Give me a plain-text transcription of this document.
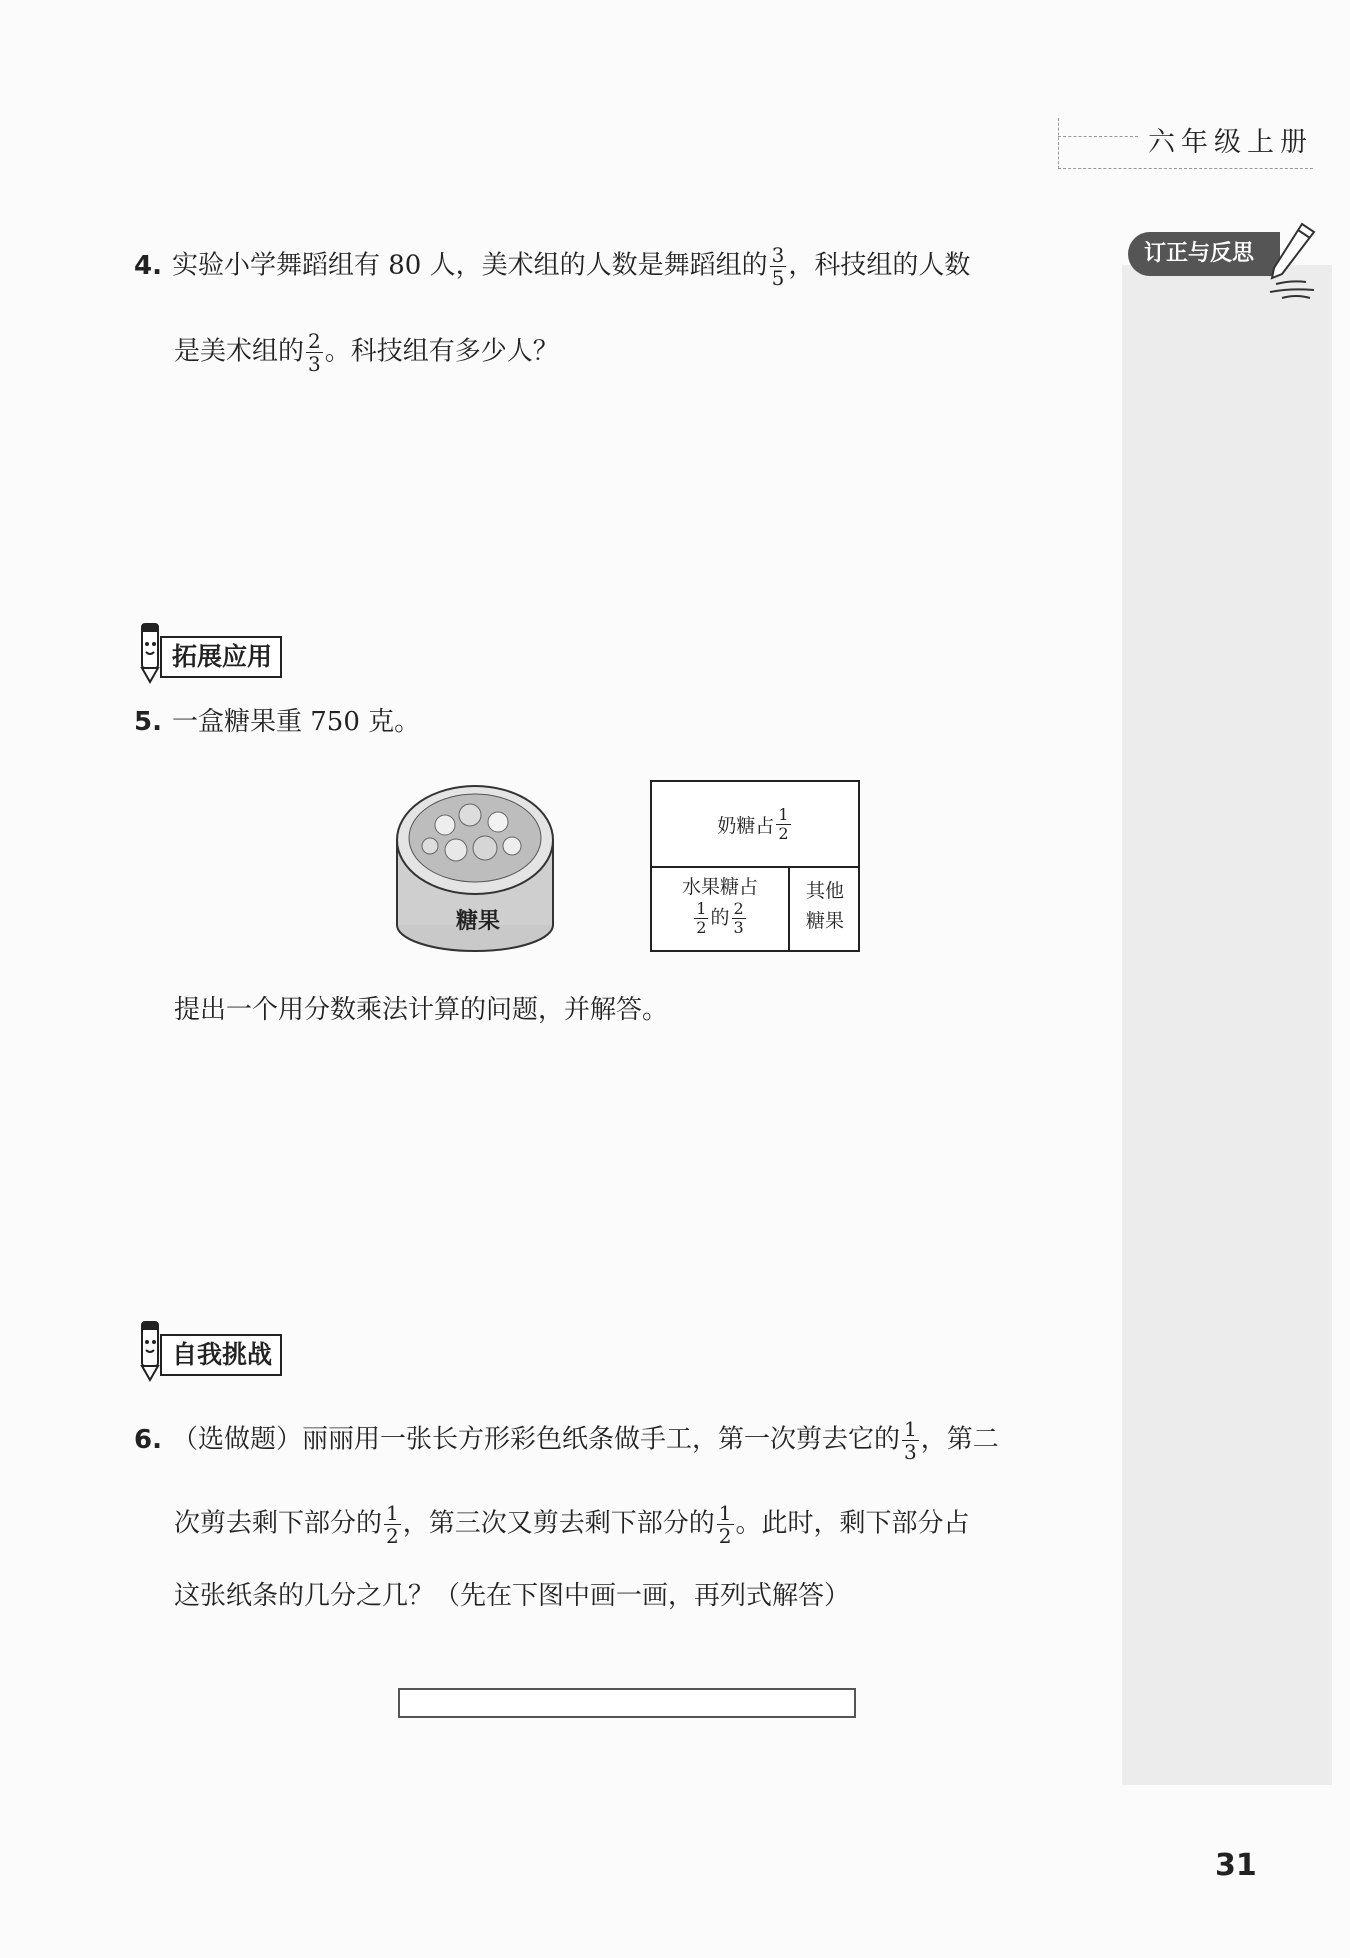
六年级上册
订正与反思
4. 实验小学舞蹈组有 80 人，美术组的人数是舞蹈组的 $\frac{3}{5}$ ，科技组的人数
是美术组的 $\frac{2}{3}$ 。科技组有多少人？
拓展应用
5. 一盒糖果重 750 克。
糖果
奶糖占 $\frac{1}{2}$
水果糖占
$\frac{1}{2}$ 的 $\frac{2}{3}$
其他
糖果
提出一个用分数乘法计算的问题，并解答。
自我挑战
6. （选做题）丽丽用一张长方形彩色纸条做手工，第一次剪去它的 $\frac{1}{3}$ ，第二
次剪去剩下部分的 $\frac{1}{2}$ ，第三次又剪去剩下部分的 $\frac{1}{2}$ 。此时，剩下部分占
这张纸条的几分之几？（先在下图中画一画，再列式解答）
31
